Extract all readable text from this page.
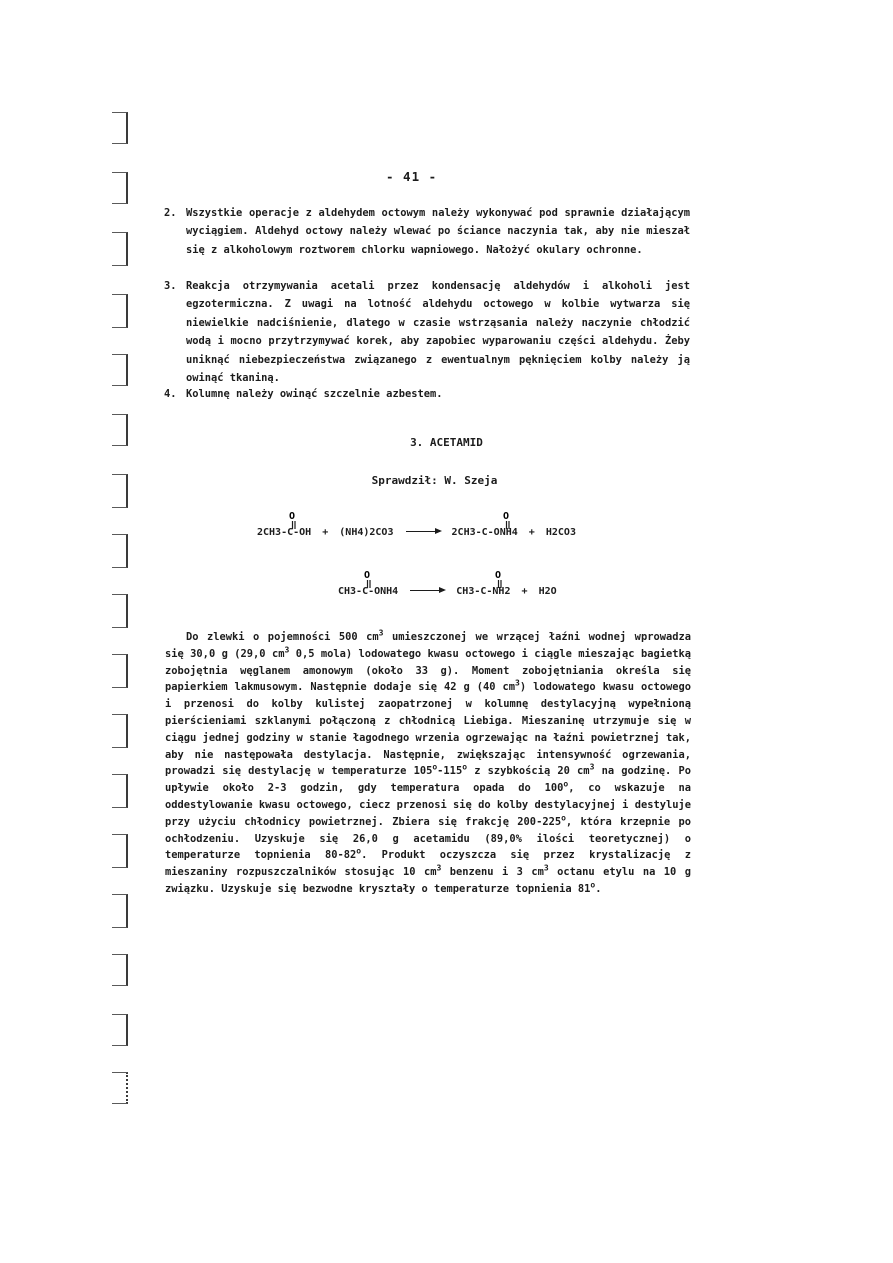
- 41 -
2. Wszystkie operacje z aldehydem octowym należy wykonywać pod sprawnie działającym wyciągiem. Aldehyd octowy należy wlewać po ściance naczynia tak, aby nie mieszał się z alkoholowym roztworem chlorku wapniowego. Nałożyć okulary ochronne.
3. Reakcja otrzymywania acetali przez kondensację aldehydów i alkoholi jest egzotermiczna. Z uwagi na lotność aldehydu octowego w kolbie wytwarza się niewielkie nadciśnienie, dlatego w czasie wstrząsania należy naczynie chłodzić wodą i mocno przytrzymywać korek, aby zapobiec wyparowaniu części aldehydu. Żeby uniknąć niebezpieczeństwa związanego z ewentualnym pęknięciem kolby należy ją owinąć tkaniną.
4. Kolumnę należy owinąć szczelnie azbestem.
3. ACETAMID
Sprawdził: W. Szeja
O
2CH3-C-OH + (NH4)2CO3 → 2CH3-C-ONH4 + H2CO3
O
O
CH3-C-ONH4 → CH3-C-NH2 + H2O
O
Do zlewki o pojemności 500 $cm^3$ umieszczonej we wrzącej łaźni wodnej wprowadza się 30,0 g (29,0 $cm^3$ 0,5 mola) lodowatego kwasu octowego i ciągle mieszając bagietką zobojętnia węglanem amonowym (około 33 g). Moment zobojętniania określa się papierkiem lakmusowym. Następnie dodaje się 42 g (40 $cm^3$) lodowatego kwasu octowego i przenosi do kolby kulistej zaopatrzonej w kolumnę destylacyjną wypełnioną pierścieniami szklanymi połączoną z chłodnicą Liebiga. Mieszaninę utrzymuje się w ciągu jednej godziny w stanie łagodnego wrzenia ogrzewając na łaźni powietrznej tak, aby nie następowała destylacja. Następnie, zwiększając intensywność ogrzewania, prowadzi się destylację w temperaturze 105$^o$-115$^o$ z szybkością 20 $cm^3$ na godzinę. Po upływie około 2-3 godzin, gdy temperatura opada do 100$^o$, co wskazuje na oddestylowanie kwasu octowego, ciecz przenosi się do kolby destylacyjnej i destyluje przy użyciu chłodnicy powietrznej. Zbiera się frakcję 200-225$^o$, która krzepnie po ochłodzeniu. Uzyskuje się 26,0 g acetamidu (89,0% ilości teoretycznej) o temperaturze topnienia 80-82$^o$. Produkt oczyszcza się przez krystalizację z mieszaniny rozpuszczalników stosując 10 $cm^3$ benzenu i 3 $cm^3$ octanu etylu na 10 g związku. Uzyskuje się bezwodne kryształy o temperaturze topnienia 81$^o$.
